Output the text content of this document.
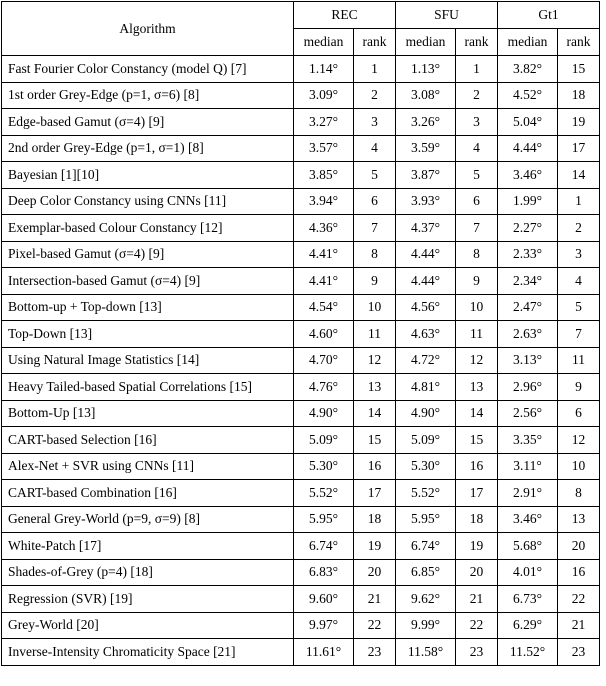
Algorithm	REC		SFU		Gt1	
	median	rank	median	rank	median	rank
Fast Fourier Color Constancy (model Q) [7]	1.14°	1	1.13°	1	3.82°	15
1st order Grey-Edge (p=1, σ=6) [8]	3.09°	2	3.08°	2	4.52°	18
Edge-based Gamut (σ=4) [9]	3.27°	3	3.26°	3	5.04°	19
2nd order Grey-Edge (p=1, σ=1) [8]	3.57°	4	3.59°	4	4.44°	17
Bayesian [1][10]	3.85°	5	3.87°	5	3.46°	14
Deep Color Constancy using CNNs [11]	3.94°	6	3.93°	6	1.99°	1
Exemplar-based Colour Constancy [12]	4.36°	7	4.37°	7	2.27°	2
Pixel-based Gamut (σ=4) [9]	4.41°	8	4.44°	8	2.33°	3
Intersection-based Gamut (σ=4) [9]	4.41°	9	4.44°	9	2.34°	4
Bottom-up + Top-down [13]	4.54°	10	4.56°	10	2.47°	5
Top-Down [13]	4.60°	11	4.63°	11	2.63°	7
Using Natural Image Statistics [14]	4.70°	12	4.72°	12	3.13°	11
Heavy Tailed-based Spatial Correlations [15]	4.76°	13	4.81°	13	2.96°	9
Bottom-Up [13]	4.90°	14	4.90°	14	2.56°	6
CART-based Selection [16]	5.09°	15	5.09°	15	3.35°	12
Alex-Net + SVR using CNNs [11]	5.30°	16	5.30°	16	3.11°	10
CART-based Combination [16]	5.52°	17	5.52°	17	2.91°	8
General Grey-World (p=9, σ=9) [8]	5.95°	18	5.95°	18	3.46°	13
White-Patch [17]	6.74°	19	6.74°	19	5.68°	20
Shades-of-Grey (p=4) [18]	6.83°	20	6.85°	20	4.01°	16
Regression (SVR) [19]	9.60°	21	9.62°	21	6.73°	22
Grey-World [20]	9.97°	22	9.99°	22	6.29°	21
Inverse-Intensity Chromaticity Space [21]	11.61°	23	11.58°	23	11.52°	23
